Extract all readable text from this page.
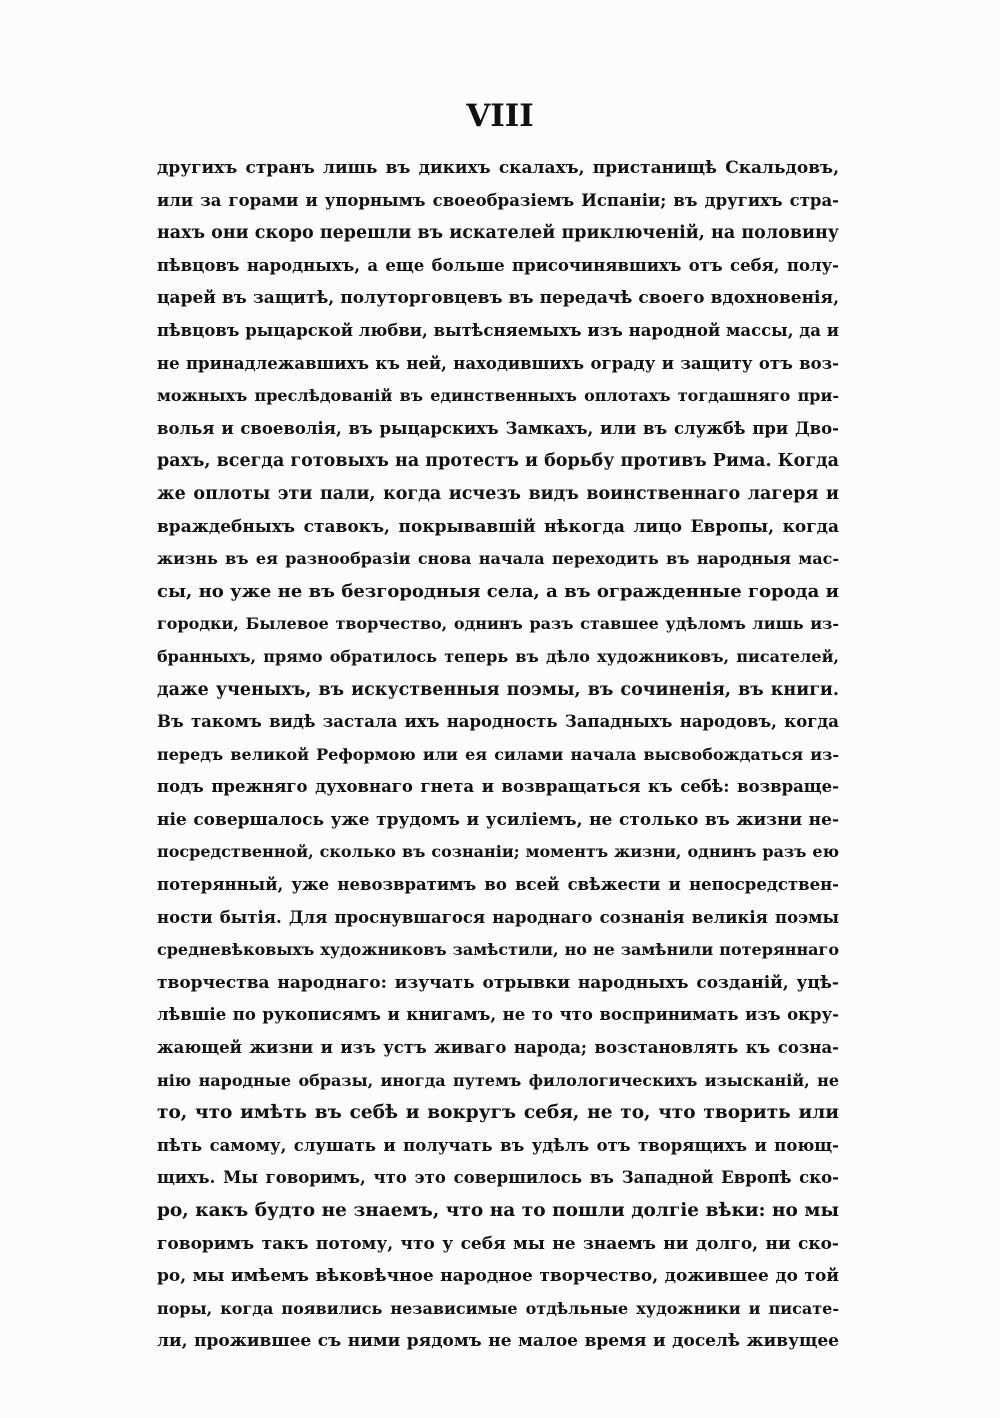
VIII
другихъ странъ лишь въ дикихъ скалахъ, пристанищѣ Скальдовъ,
или за горами и упорнымъ своеобразіемъ Испаніи; въ другихъ стра-
нахъ они скоро перешли въ искателей приключеній, на половину
пѣвцовъ народныхъ, а еще больше присочинявшихъ отъ себя, полу-
царей въ защитѣ, полуторговцевъ въ передачѣ своего вдохновенія,
пѣвцовъ рыцарской любви, вытѣсняемыхъ изъ народной массы, да и
не принадлежавшихъ къ ней, находившихъ ограду и защиту отъ воз-
можныхъ преслѣдованій въ единственныхъ оплотахъ тогдашняго при-
волья и своеволія, въ рыцарскихъ Замкахъ, или въ службѣ при Дво-
рахъ, всегда готовыхъ на протестъ и борьбу противъ Рима. Когда
же оплоты эти пали, когда исчезъ видъ воинственнаго лагеря и
враждебныхъ ставокъ, покрывавшій нѣкогда лицо Европы, когда
жизнь въ ея разнообразіи снова начала переходить въ народныя мас-
сы, но уже не въ безгородныя села, а въ огражденные города и
городки, Былевое творчество, однинъ разъ ставшее удѣломъ лишь из-
бранныхъ, прямо обратилось теперь въ дѣло художниковъ, писателей,
даже ученыхъ, въ искуственныя поэмы, въ сочиненія, въ книги.
Въ такомъ видѣ застала ихъ народность Западныхъ народовъ, когда
передъ великой Реформою или ея силами начала высвобождаться из-
подъ прежняго духовнаго гнета и возвращаться къ себѣ: возвраще-
ніе совершалось уже трудомъ и усиліемъ, не столько въ жизни не-
посредственной, сколько въ сознаніи; моментъ жизни, однинъ разъ ею
потерянный, уже невозвратимъ во всей свѣжести и непосредствен-
ности бытія. Для проснувшагося народнаго сознанія великія поэмы
средневѣковыхъ художниковъ замѣстили, но не замѣнили потеряннаго
творчества народнаго: изучать отрывки народныхъ созданій, уцѣ-
лѣвшіе по рукописямъ и книгамъ, не то что воспринимать изъ окру-
жающей жизни и изъ устъ живаго народа; возстановлять къ созна-
нію народные образы, иногда путемъ филологическихъ изысканій, не
то, что имѣть въ себѣ и вокругъ себя, не то, что творить или
пѣть самому, слушать и получать въ удѣлъ отъ творящихъ и поющ-
щихъ. Мы говоримъ, что это совершилось въ Западной Европѣ ско-
ро, какъ будто не знаемъ, что на то пошли долгіе вѣки: но мы
говоримъ такъ потому, что у себя мы не знаемъ ни долго, ни ско-
ро, мы имѣемъ вѣковѣчное народное творчество, дожившее до той
поры, когда появились независимые отдѣльные художники и писате-
ли, прожившее съ ними рядомъ не малое время и доселѣ живущее
